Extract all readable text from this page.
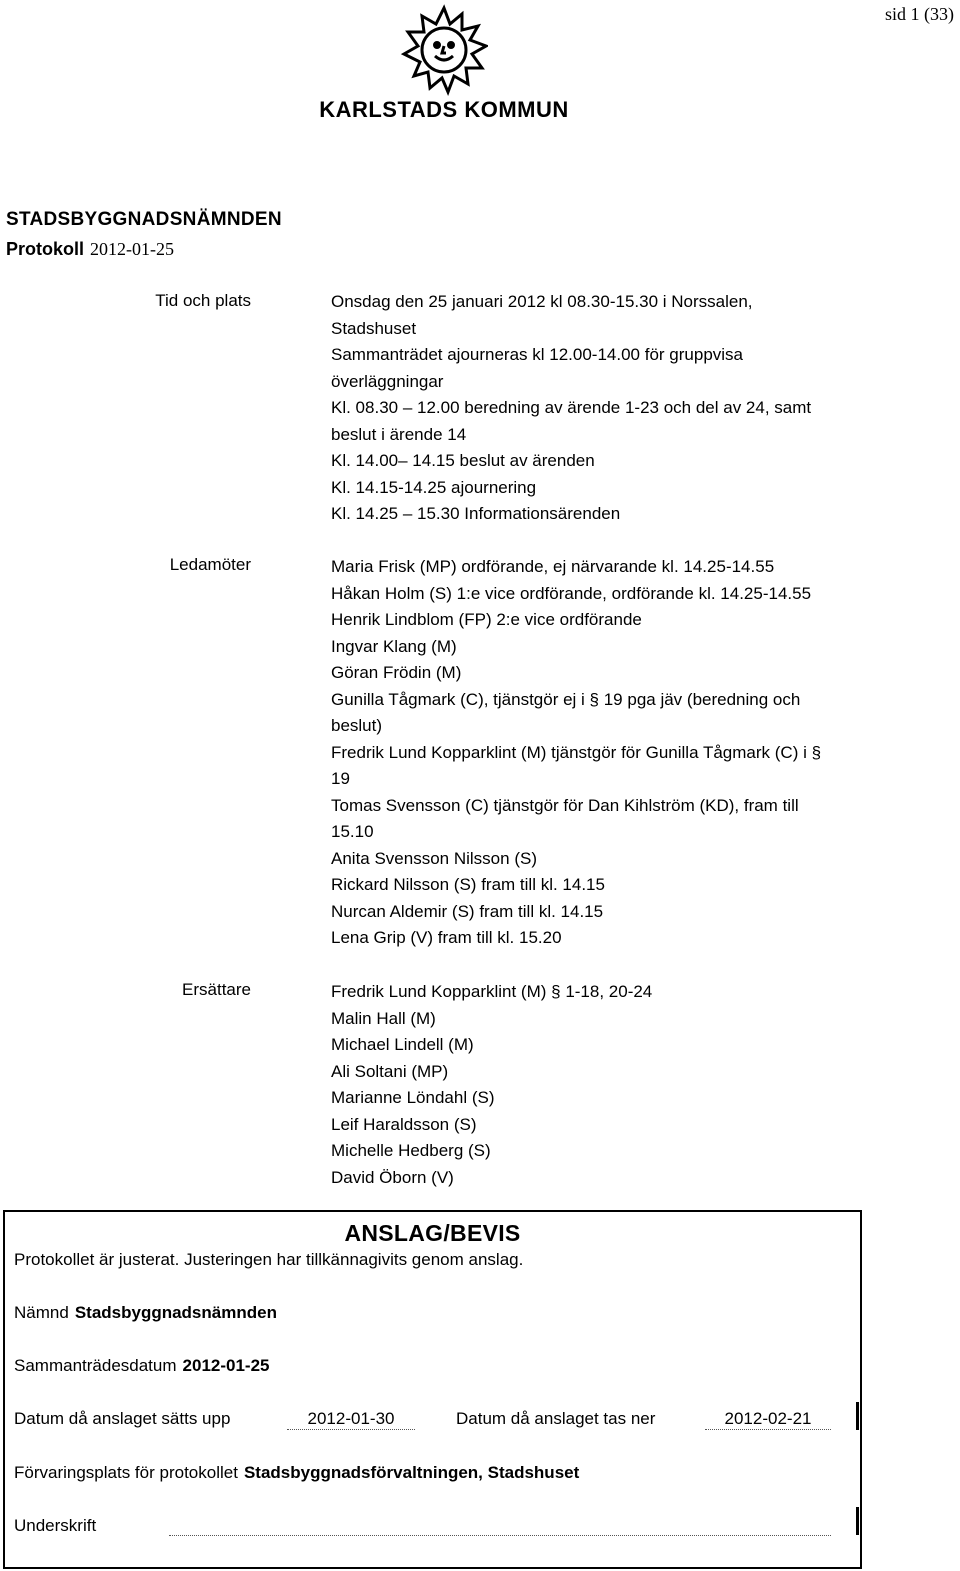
sid 1 (33)
KARLSTADS KOMMUN
STADSBYGGNADSNÄMNDEN
Protokoll 2012-01-25
Tid och plats	Onsdag den 25 januari 2012 kl 08.30-15.30 i Norssalen,
Stadshuset
Sammanträdet ajourneras kl 12.00-14.00 för gruppvisa
överläggningar
Kl. 08.30 – 12.00 beredning av ärende 1-23 och del av 24, samt
beslut i ärende 14
Kl. 14.00– 14.15 beslut av ärenden
Kl. 14.15-14.25 ajournering
Kl. 14.25 – 15.30 Informationsärenden
Ledamöter	Maria Frisk (MP) ordförande, ej närvarande kl. 14.25-14.55
Håkan Holm (S) 1:e vice ordförande, ordförande kl. 14.25-14.55
Henrik Lindblom (FP) 2:e vice ordförande
Ingvar Klang (M)
Göran Frödin (M)
Gunilla Tågmark (C), tjänstgör ej i § 19 pga jäv (beredning och
beslut)
Fredrik Lund Kopparklint (M) tjänstgör för Gunilla Tågmark (C) i §
19
Tomas Svensson (C) tjänstgör för Dan Kihlström (KD), fram till
15.10
Anita Svensson Nilsson (S)
Rickard Nilsson (S) fram till kl. 14.15
Nurcan Aldemir (S) fram till kl. 14.15
Lena Grip (V) fram till kl. 15.20
Ersättare	Fredrik Lund Kopparklint (M) § 1-18, 20-24
Malin Hall (M)
Michael Lindell (M)
Ali Soltani (MP)
Marianne Löndahl (S)
Leif Haraldsson (S)
Michelle Hedberg (S)
David Öborn (V)
ANSLAG/BEVIS
Protokollet är justerat. Justeringen har tillkännagivits genom anslag.
Nämnd Stadsbyggnadsnämnden
Sammanträdesdatum 2012-01-25
Datum då anslaget sätts upp	2012-01-30	Datum då anslaget tas ner	2012-02-21
Förvaringsplats för protokollet Stadsbyggnadsförvaltningen, Stadshuset
Underskrift
